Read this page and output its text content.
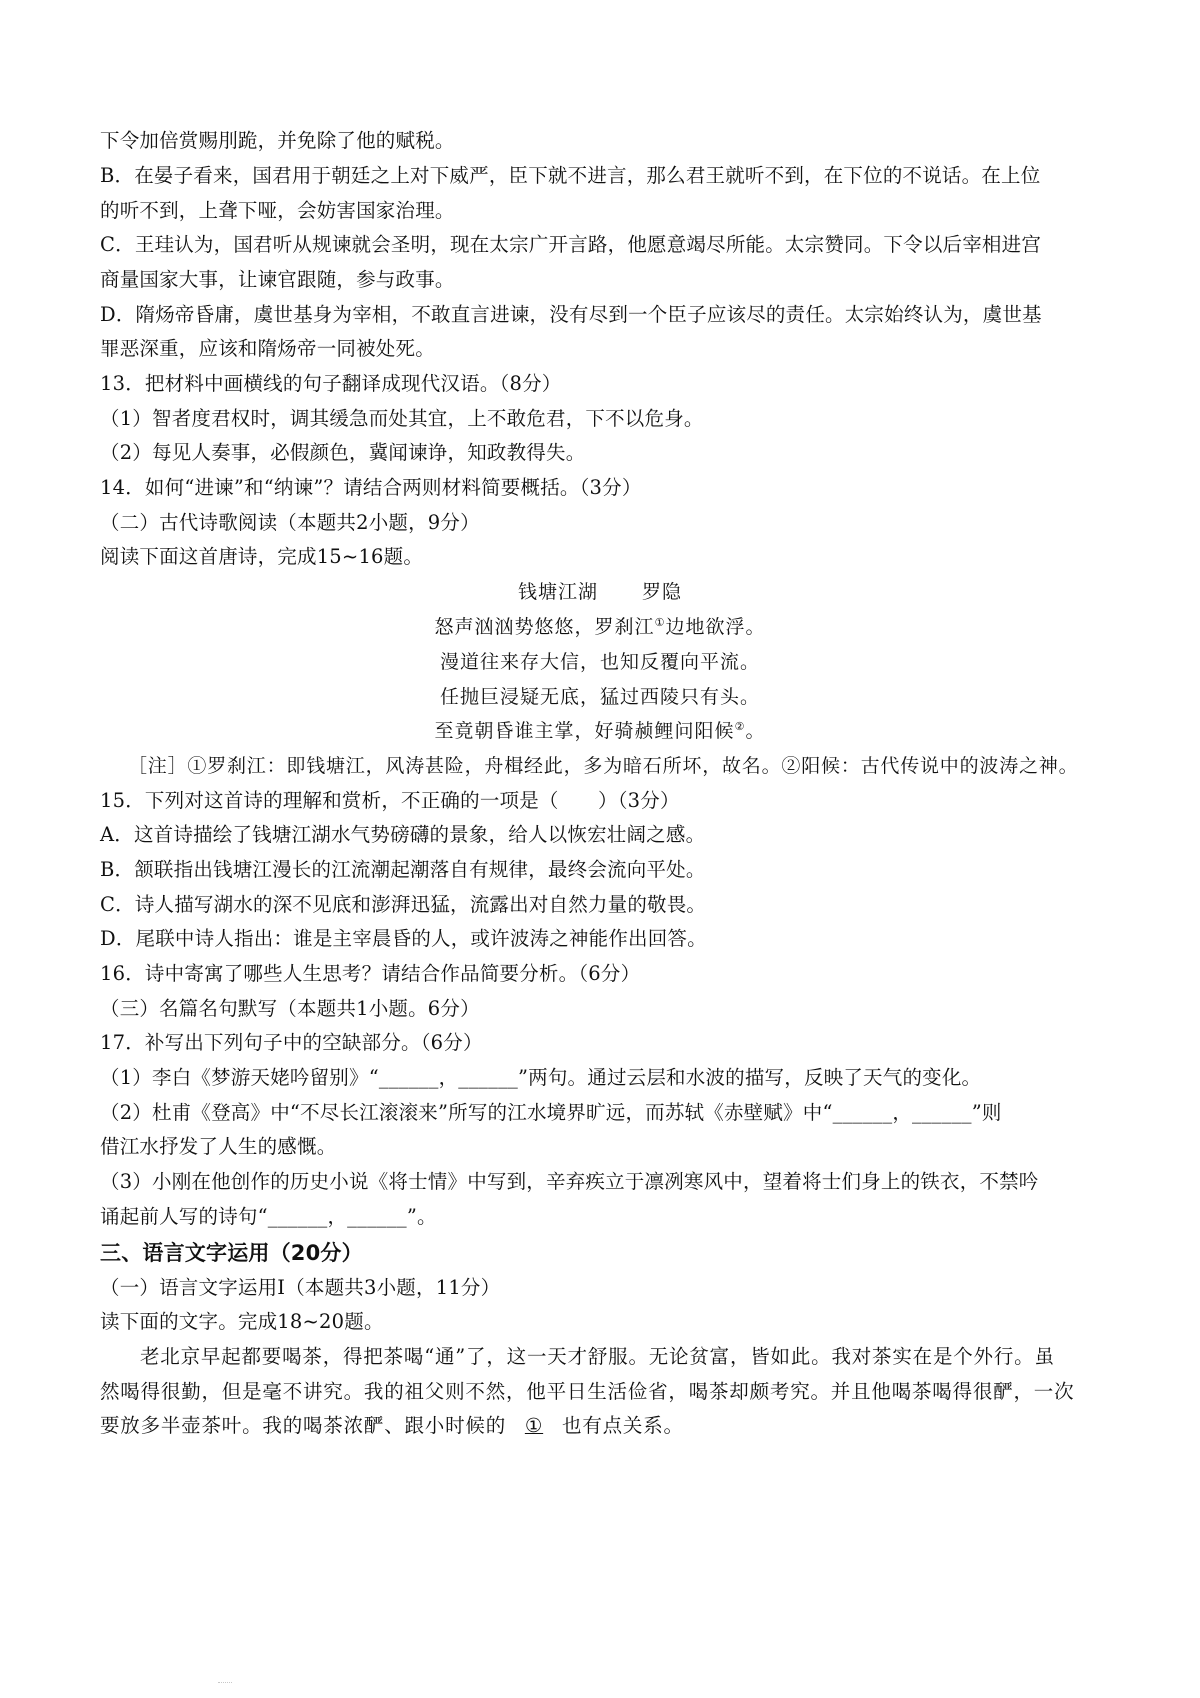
下令加倍赏赐刖跪，并免除了他的赋税。
B．在晏子看来，国君用于朝廷之上对下威严，臣下就不进言，那么君王就听不到，在下位的不说话。在上位
的听不到，上聋下哑，会妨害国家治理。
C．王珪认为，国君听从规谏就会圣明，现在太宗广开言路，他愿意竭尽所能。太宗赞同。下令以后宰相进宫
商量国家大事，让谏官跟随，参与政事。
D．隋炀帝昏庸，虞世基身为宰相，不敢直言进谏，没有尽到一个臣子应该尽的责任。太宗始终认为，虞世基
罪恶深重，应该和隋炀帝一同被处死。
13．把材料中画横线的句子翻译成现代汉语。（8分）
（1）智者度君权时，调其缓急而处其宜，上不敢危君，下不以危身。
（2）每见人奏事，必假颜色，冀闻谏诤，知政教得失。
14．如何“进谏”和“纳谏”？请结合两则材料简要概括。（3分）
（二）古代诗歌阅读（本题共2小题，9分）
阅读下面这首唐诗，完成15~16题。
钱塘江湖 罗隐
怒声汹汹势悠悠，罗刹江①边地欲浮。
漫道往来存大信，也知反覆向平流。
任抛巨浸疑无底，猛过西陵只有头。
至竟朝昏谁主掌，好骑赪鲤问阳候②。
［注］①罗刹江：即钱塘江，风涛甚险，舟楫经此，多为暗石所坏，故名。②阳候：古代传说中的波涛之神。
15．下列对这首诗的理解和赏析，不正确的一项是（　　）（3分）
A．这首诗描绘了钱塘江湖水气势磅礴的景象，给人以恢宏壮阔之感。
B．颔联指出钱塘江漫长的江流潮起潮落自有规律，最终会流向平处。
C．诗人描写湖水的深不见底和澎湃迅猛，流露出对自然力量的敬畏。
D．尾联中诗人指出：谁是主宰晨昏的人，或许波涛之神能作出回答。
16．诗中寄寓了哪些人生思考？请结合作品简要分析。（6分）
（三）名篇名句默写（本题共1小题。6分）
17．补写出下列句子中的空缺部分。（6分）
（1）李白《梦游天姥吟留别》“______，______”两句。通过云层和水波的描写，反映了天气的变化。
（2）杜甫《登高》中“不尽长江滚滚来”所写的江水境界旷远，而苏轼《赤壁赋》中“______，______”则
借江水抒发了人生的感慨。
（3）小刚在他创作的历史小说《将士情》中写到，辛弃疾立于凛冽寒风中，望着将士们身上的铁衣，不禁吟
诵起前人写的诗句“______，______”。
三、语言文字运用（20分）
（一）语言文字运用Ⅰ（本题共3小题，11分）
读下面的文字。完成18~20题。
老北京早起都要喝茶，得把茶喝“通”了，这一天才舒服。无论贫富，皆如此。我对茶实在是个外行。虽
然喝得很勤，但是毫不讲究。我的祖父则不然，他平日生活俭省，喝茶却颇考究。并且他喝茶喝得很酽，一次
要放多半壶茶叶。我的喝茶浓酽、跟小时候的 ① 也有点关系。
